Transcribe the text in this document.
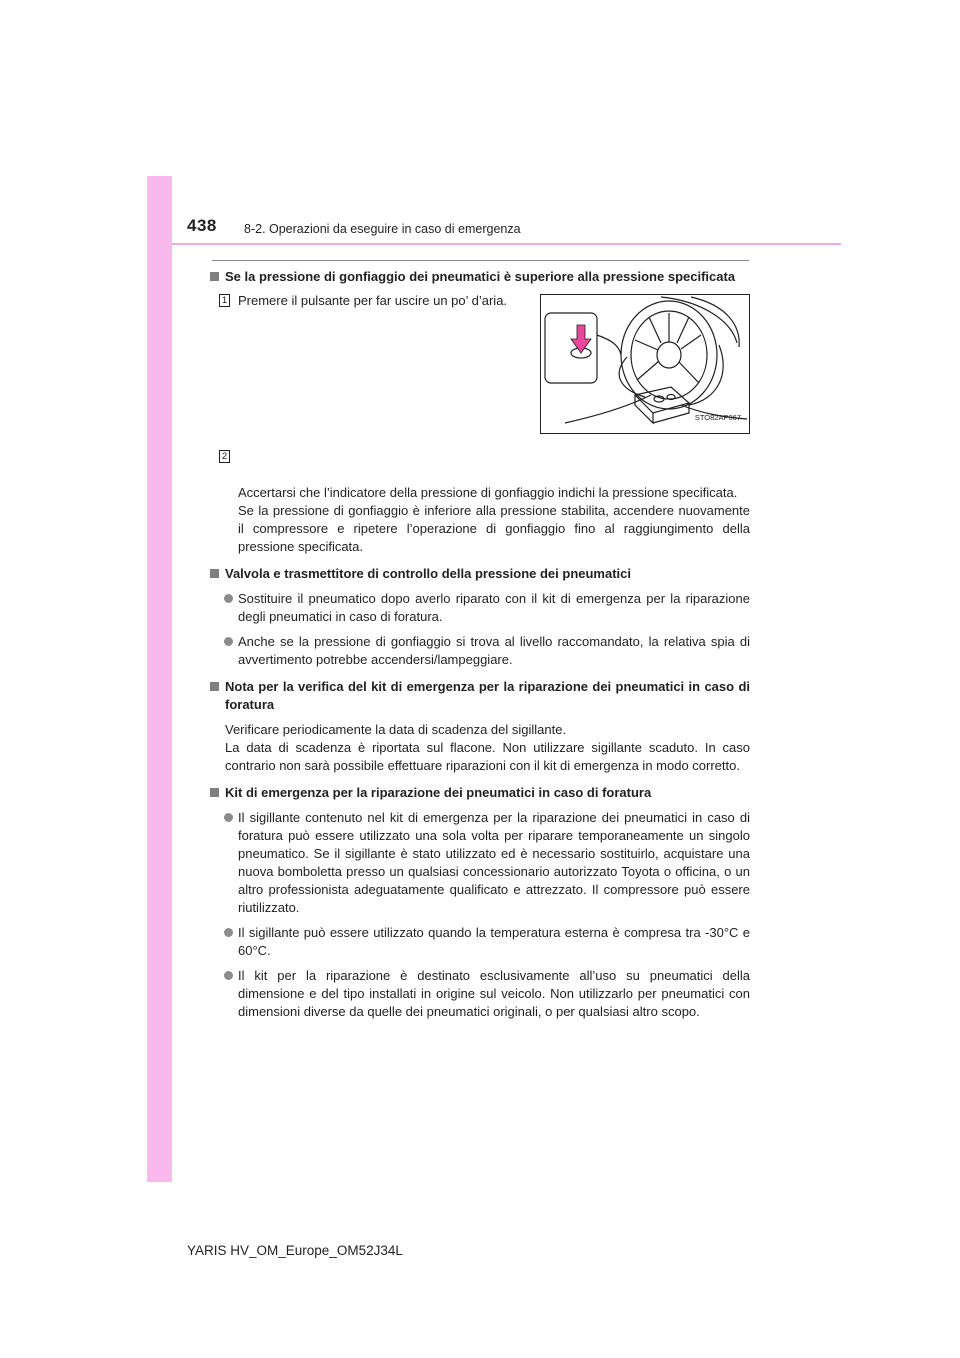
438 8-2. Operazioni da eseguire in caso di emergenza
Se la pressione di gonfiaggio dei pneumatici è superiore alla pressione specificata
1 Premere il pulsante per far uscire un po’ d’aria.
STO82AP067

2

Accertarsi che l’indicatore della pressione di gonfiaggio indichi la pressione specificata.
Se la pressione di gonfiaggio è inferiore alla pressione stabilita, accendere nuovamente il compressore e ripetere l’operazione di gonfiaggio fino al raggiungimento della pressione specificata.

Valvola e trasmettitore di controllo della pressione dei pneumatici
Sostituire il pneumatico dopo averlo riparato con il kit di emergenza per la riparazione degli pneumatici in caso di foratura.
Anche se la pressione di gonfiaggio si trova al livello raccomandato, la relativa spia di avvertimento potrebbe accendersi/lampeggiare.
Nota per la verifica del kit di emergenza per la riparazione dei pneumatici in caso di foratura
Verificare periodicamente la data di scadenza del sigillante.
La data di scadenza è riportata sul flacone. Non utilizzare sigillante scaduto. In caso contrario non sarà possibile effettuare riparazioni con il kit di emergenza in modo corretto.
Kit di emergenza per la riparazione dei pneumatici in caso di foratura
Il sigillante contenuto nel kit di emergenza per la riparazione dei pneumatici in caso di foratura può essere utilizzato una sola volta per riparare temporaneamente un singolo pneumatico. Se il sigillante è stato utilizzato ed è necessario sostituirlo, acquistare una nuova bomboletta presso un qualsiasi concessionario autorizzato Toyota o officina, o un altro professionista adeguatamente qualificato e attrezzato. Il compressore può essere riutilizzato.
Il sigillante può essere utilizzato quando la temperatura esterna è compresa tra -30°C e 60°C.
Il kit per la riparazione è destinato esclusivamente all’uso su pneumatici della dimensione e del tipo installati in origine sul veicolo. Non utilizzarlo per pneumatici con dimensioni diverse da quelle dei pneumatici originali, o per qualsiasi altro scopo.
YARIS HV_OM_Europe_OM52J34L
